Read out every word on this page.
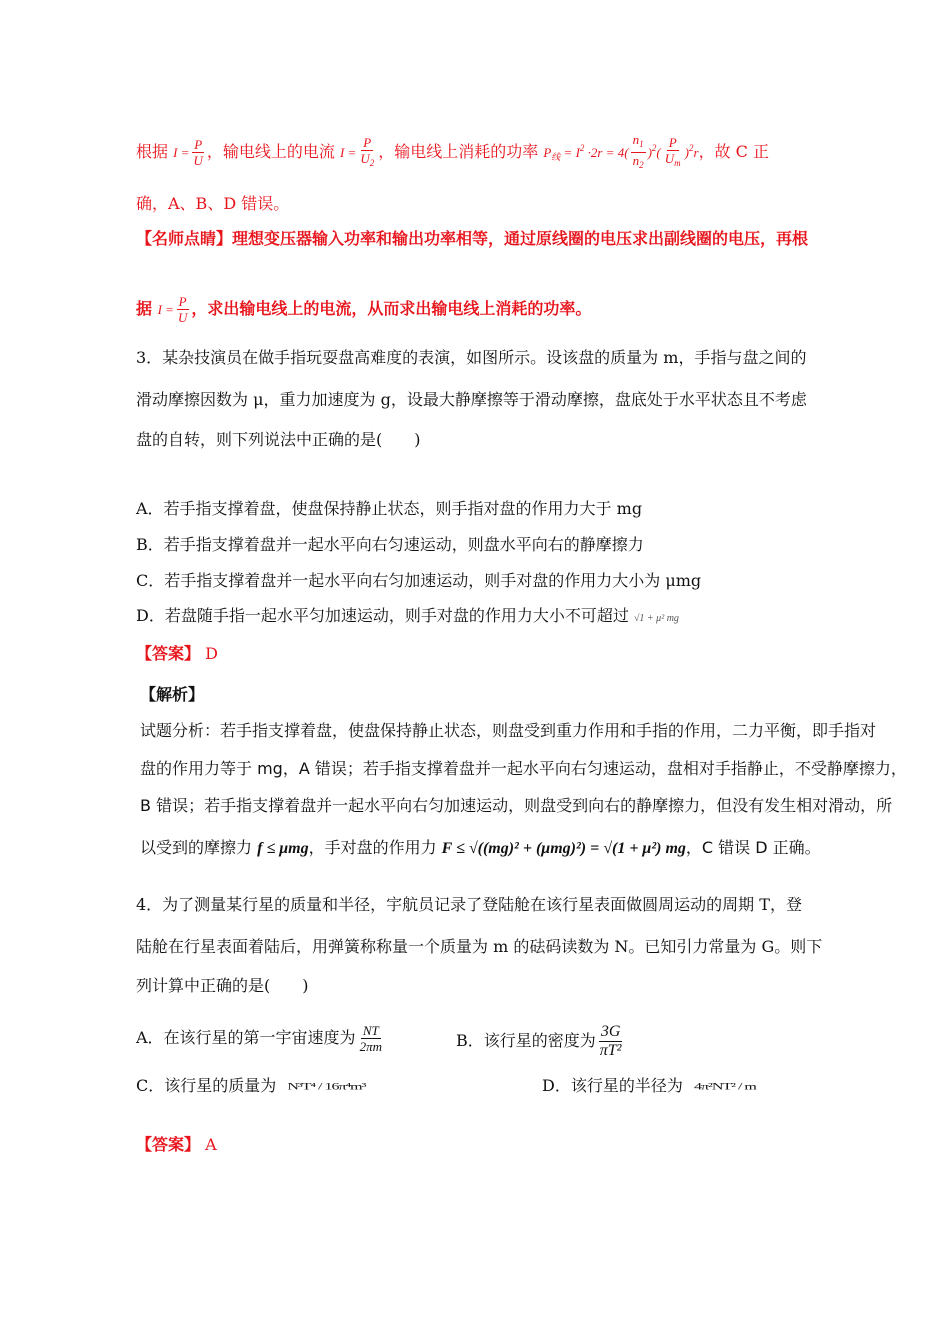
根据 $I = \frac{P}{U}$ ，输电线上的电流 $I = \frac{P}{U_2}$ ，输电线上消耗的功率 $P_线 = I^2 \cdot 2r = 4( \frac{n_1}{n_2} )^2( \frac{P}{U_m} )^2r$，故 C 正
确，A、B、D 错误。
【名师点睛】理想变压器输入功率和输出功率相等，通过原线圈的电压求出副线圈的电压，再根
据 $I = \frac{P}{U}$ ，求出输电线上的电流，从而求出输电线上消耗的功率。
3．某杂技演员在做手指玩耍盘高难度的表演，如图所示。设该盘的质量为 m，手指与盘之间的
滑动摩擦因数为 μ，重力加速度为 g，设最大静摩擦等于滑动摩擦，盘底处于水平状态且不考虑
盘的自转，则下列说法中正确的是(　　)
A．若手指支撑着盘，使盘保持静止状态，则手指对盘的作用力大于 mg
B．若手指支撑着盘并一起水平向右匀速运动，则盘水平向右的静摩擦力
C．若手指支撑着盘并一起水平向右匀加速运动，则手对盘的作用力大小为 μmg
D．若盘随手指一起水平匀加速运动，则手对盘的作用力大小不可超过 √1 + μ² mg
【答案】 D
【解析】
试题分析：若手指支撑着盘，使盘保持静止状态，则盘受到重力作用和手指的作用，二力平衡，即手指对
盘的作用力等于 mg，A 错误；若手指支撑着盘并一起水平向右匀速运动，盘相对手指静止，不受静摩擦力，
B 错误；若手指支撑着盘并一起水平向右匀加速运动，则盘受到向右的静摩擦力，但没有发生相对滑动，所
以受到的摩擦力 f ≤ μmg，手对盘的作用力 F ≤ √((mg)² + (μmg)²) = √(1 + μ²) mg，C 错误 D 正确。
4．为了测量某行星的质量和半径，宇航员记录了登陆舱在该行星表面做圆周运动的周期 T，登
陆舱在行星表面着陆后，用弹簧称称量一个质量为 m 的砝码读数为 N。已知引力常量为 G。则下
列计算中正确的是(　　)
A．在该行星的第一宇宙速度为 $\frac{NT}{2\pi m}$	B．该行星的密度为 $\frac{3G}{\text{πT²}}$
C．该行星的质量为 N³T⁴ / 16π⁴m³	D．该行星的半径为 4π²NT² / m
【答案】 A
